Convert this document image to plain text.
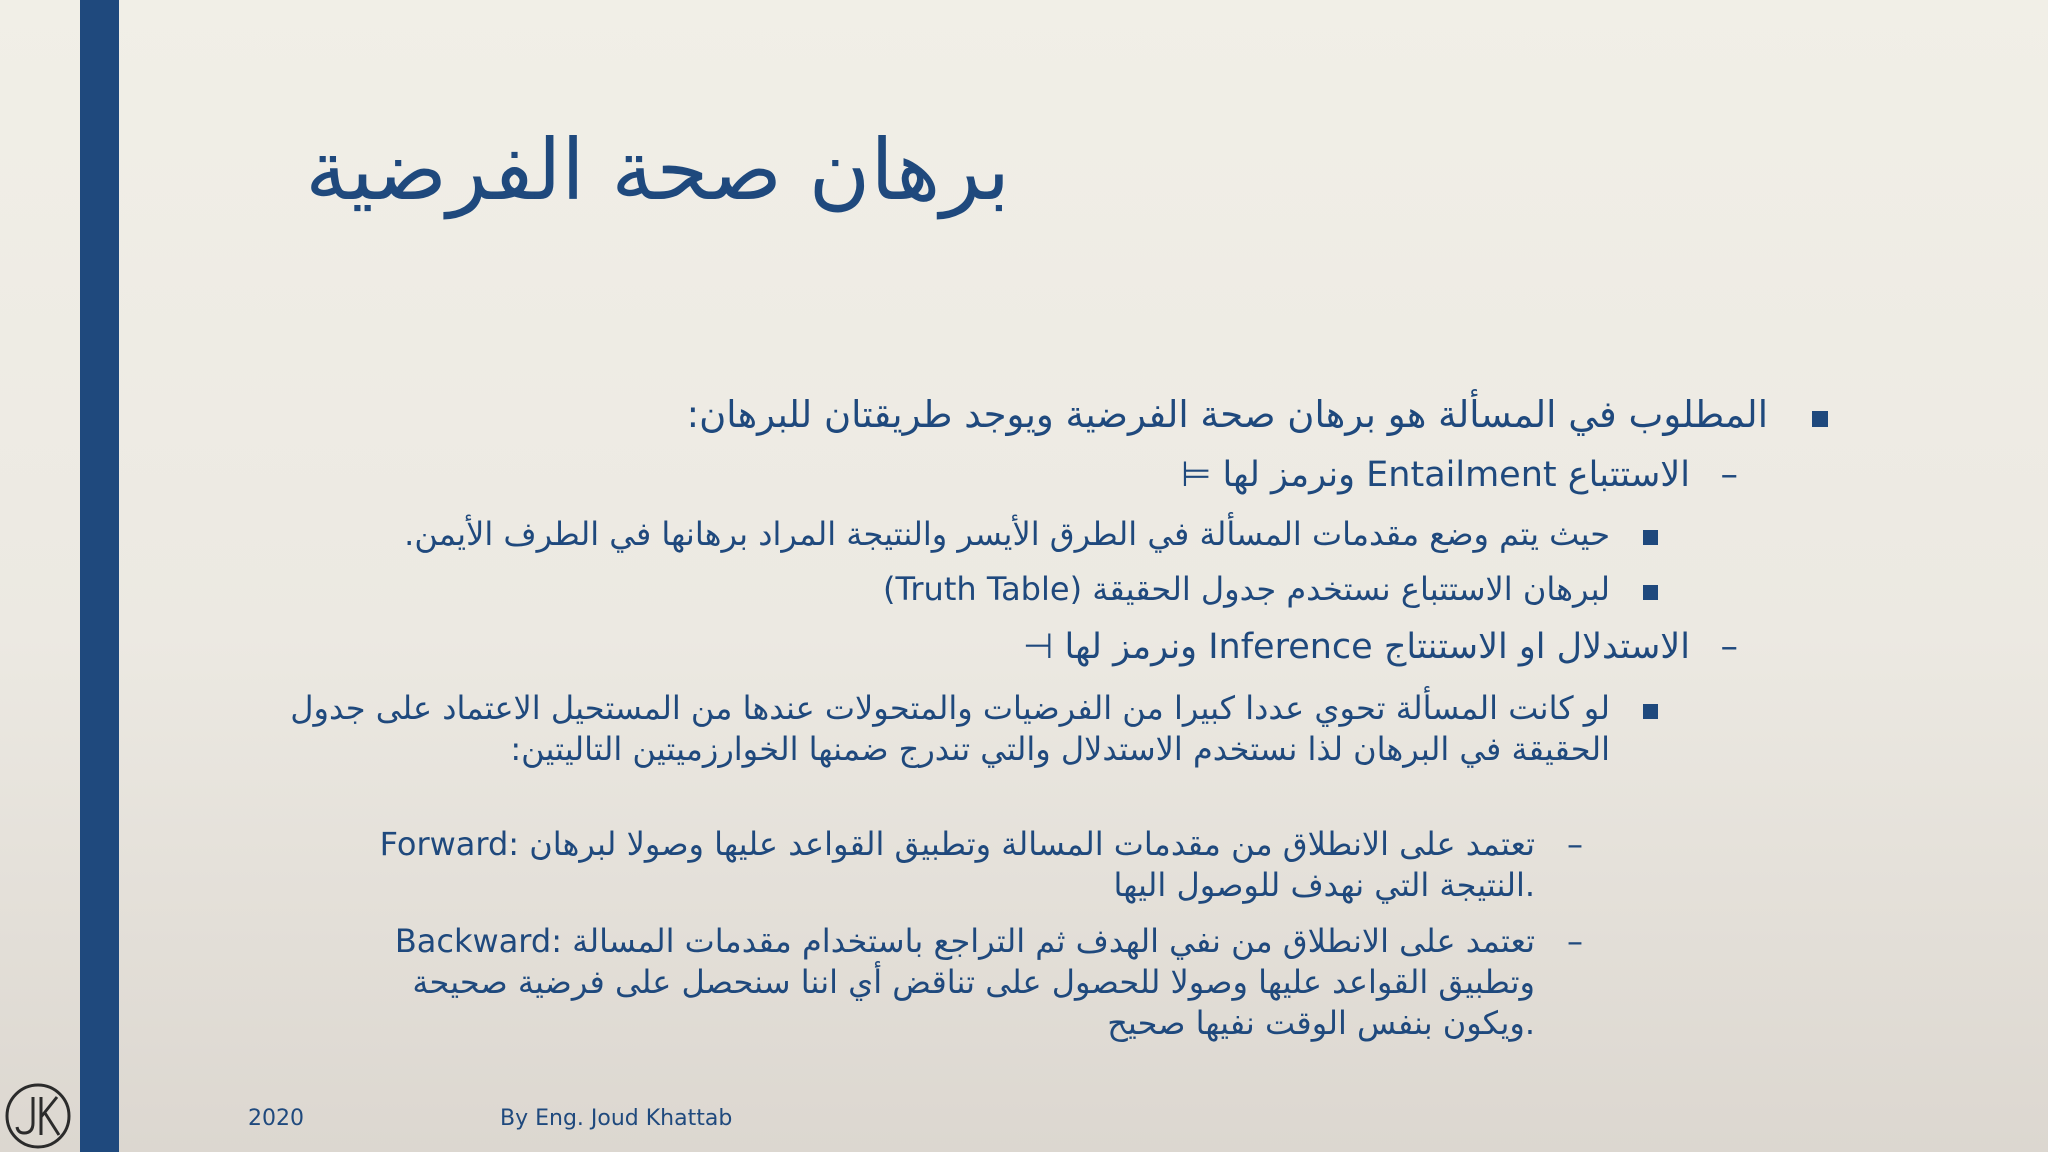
برهان صحة الفرضية
المطلوب في المسألة هو برهان صحة الفرضية ويوجد طريقتان للبرهان:
–
الاستتباع Entailment ونرمز لها ⊨
حيث يتم وضع مقدمات المسألة في الطرق الأيسر والنتيجة المراد برهانها في الطرف الأيمن.
لبرهان الاستتباع نستخدم جدول الحقيقة (Truth Table)
–
الاستدلال او الاستنتاج Inference ونرمز لها ⊢
لو كانت المسألة تحوي عددا كبيرا من الفرضيات والمتحولات عندها من المستحيل الاعتماد على جدول الحقيقة في البرهان لذا نستخدم الاستدلال والتي تندرج ضمنها الخوارزميتين التاليتين:
–
Forward: تعتمد على الانطلاق من مقدمات المسالة وتطبيق القواعد عليها وصولا لبرهان النتيجة التي نهدف للوصول اليها.
–
Backward: تعتمد على الانطلاق من نفي الهدف ثم التراجع باستخدام مقدمات المسالة وتطبيق القواعد عليها وصولا للحصول على تناقض أي اننا سنحصل على فرضية صحيحة ويكون بنفس الوقت نفيها صحيح.
2020	By Eng. Joud Khattab
